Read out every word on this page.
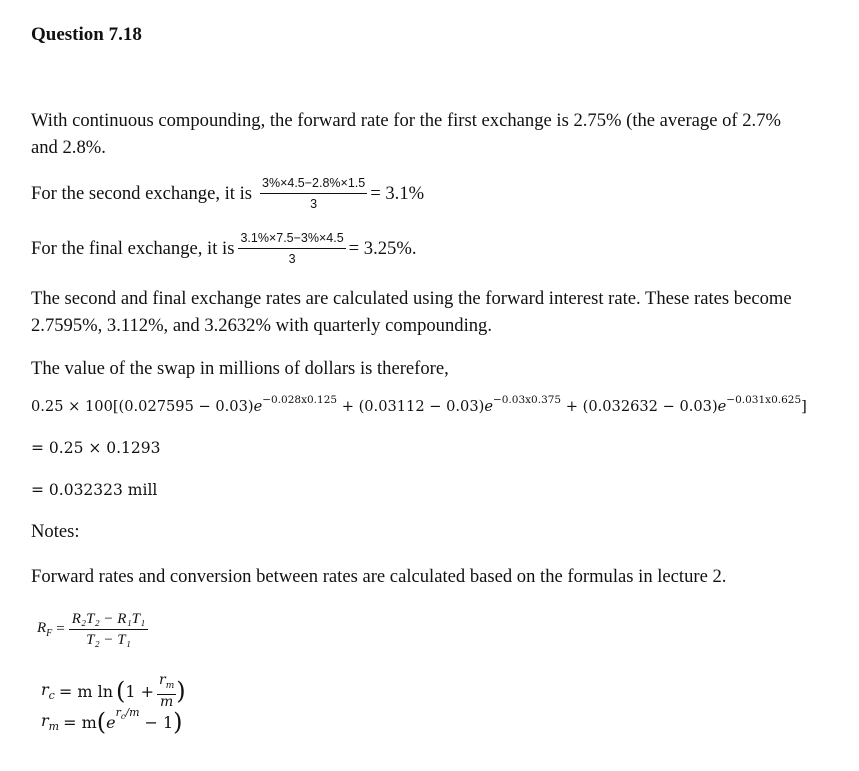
Question 7.18
With continuous compounding, the forward rate for the first exchange is 2.75% (the average of 2.7% and 2.8%.
For the second exchange, it is $\frac{3\%\times 4.5-2.8\%\times 1.5}{3} = 3.1\%$
For the final exchange, it is $\frac{3.1\%\times 7.5-3\%\times 4.5}{3} = 3.25\%$.
The second and final exchange rates are calculated using the forward interest rate. These rates become 2.7595%, 3.112%, and 3.2632% with quarterly compounding.
The value of the swap in millions of dollars is therefore,
$0.25 \times 100[(0.027595 - 0.03)e^{-0.028x0.125} + (0.03112 - 0.03)e^{-0.03x0.375} + (0.032632 - 0.03)e^{-0.031x0.625}]$
= 0.25 × 0.1293
= 0.032323 mill
Notes:
Forward rates and conversion between rates are calculated based on the formulas in lecture 2.
$R_F = \frac{\text{R₂T₂ − R₁T₁}}{\text{T₂ − T₁}}$
$r_c = m$ ln ( $1 + \frac{r_m}{m}$ )
$r_m = m$ ( e $r_c/m - 1$ )
